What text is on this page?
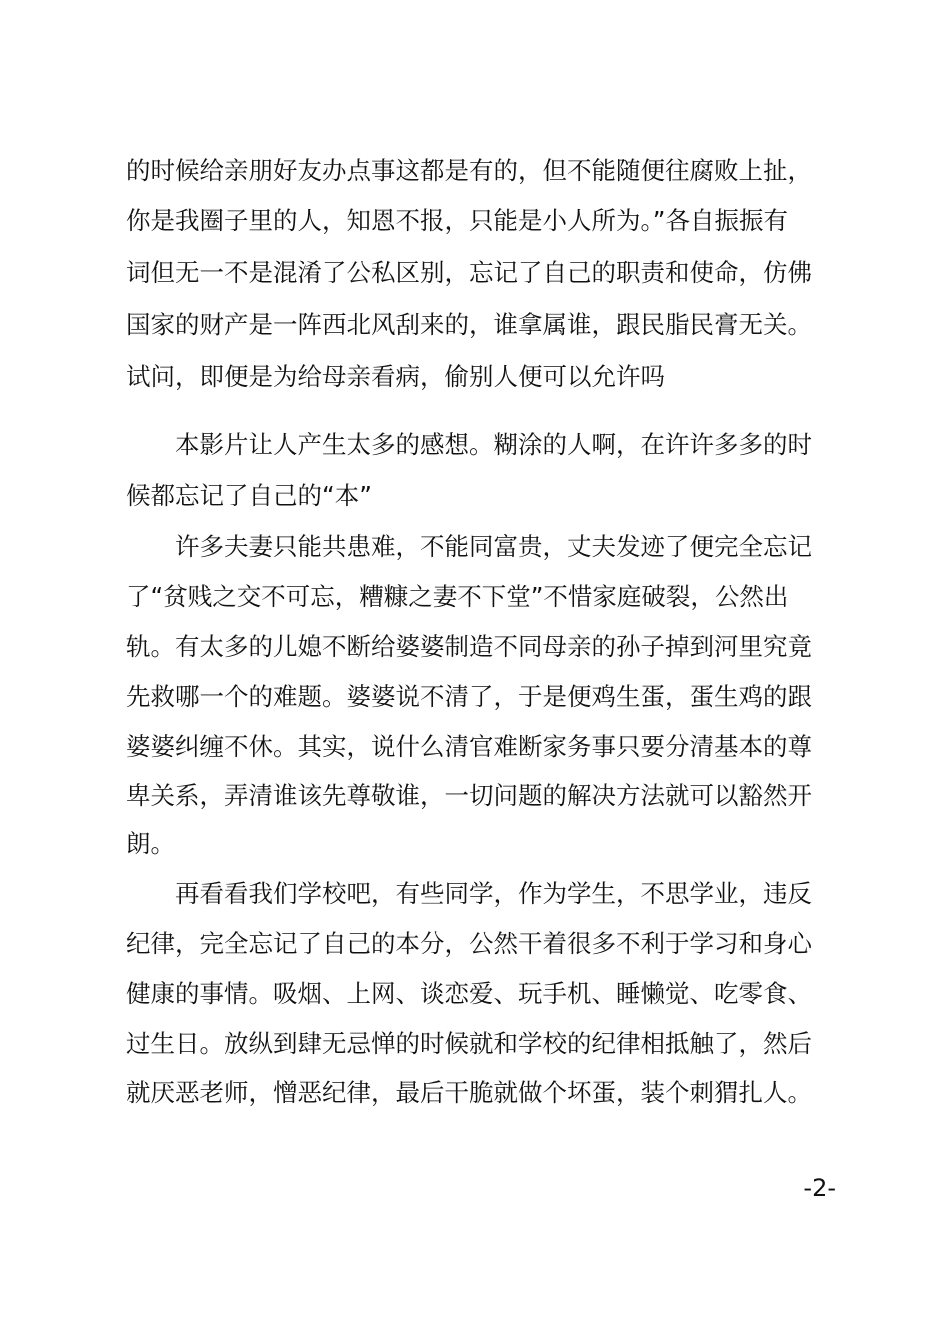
的时候给亲朋好友办点事这都是有的，但不能随便往腐败上扯，
你是我圈子里的人，知恩不报，只能是小人所为。”各自振振有
词但无一不是混淆了公私区别，忘记了自己的职责和使命，仿佛
国家的财产是一阵西北风刮来的，谁拿属谁，跟民脂民膏无关。
试问，即便是为给母亲看病，偷别人便可以允许吗
本影片让人产生太多的感想。糊涂的人啊，在许许多多的时
候都忘记了自己的“本”
许多夫妻只能共患难，不能同富贵，丈夫发迹了便完全忘记
了“贫贱之交不可忘，糟糠之妻不下堂”不惜家庭破裂，公然出
轨。有太多的儿媳不断给婆婆制造不同母亲的孙子掉到河里究竟
先救哪一个的难题。婆婆说不清了，于是便鸡生蛋，蛋生鸡的跟
婆婆纠缠不休。其实，说什么清官难断家务事只要分清基本的尊
卑关系，弄清谁该先尊敬谁，一切问题的解决方法就可以豁然开
朗。
再看看我们学校吧，有些同学，作为学生，不思学业，违反
纪律，完全忘记了自己的本分，公然干着很多不利于学习和身心
健康的事情。吸烟、上网、谈恋爱、玩手机、睡懒觉、吃零食、
过生日。放纵到肆无忌惮的时候就和学校的纪律相抵触了，然后
就厌恶老师，憎恶纪律，最后干脆就做个坏蛋，装个刺猬扎人。
-2-
